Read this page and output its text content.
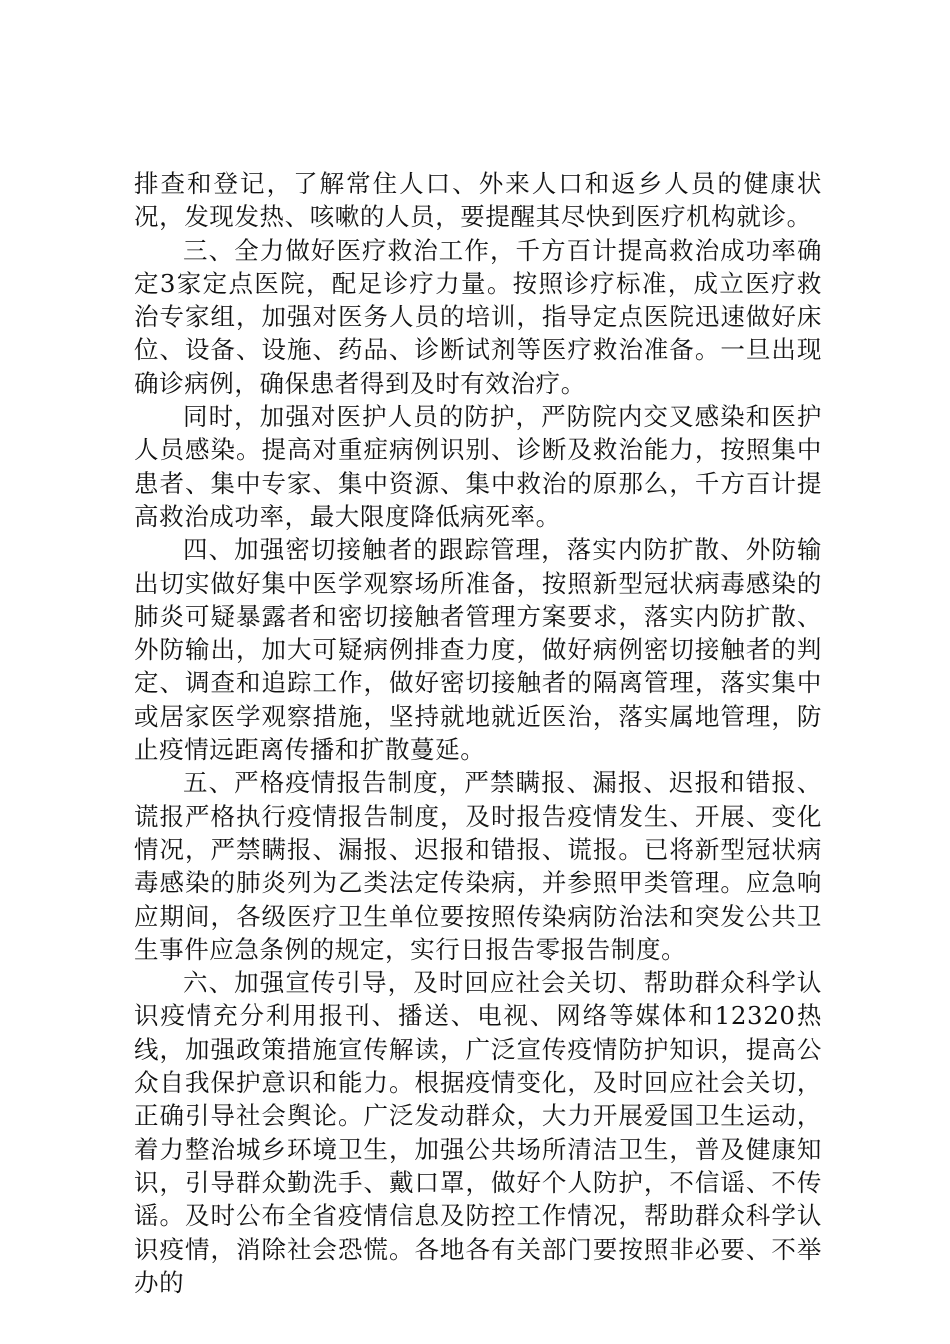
排查和登记，了解常住人口、外来人口和返乡人员的健康状况，发现发热、咳嗽的人员，要提醒其尽快到医疗机构就诊。

三、全力做好医疗救治工作，千方百计提高救治成功率确定3家定点医院，配足诊疗力量。按照诊疗标准，成立医疗救治专家组，加强对医务人员的培训，指导定点医院迅速做好床位、设备、设施、药品、诊断试剂等医疗救治准备。一旦出现确诊病例，确保患者得到及时有效治疗。

同时，加强对医护人员的防护，严防院内交叉感染和医护人员感染。提高对重症病例识别、诊断及救治能力，按照集中患者、集中专家、集中资源、集中救治的原那么，千方百计提高救治成功率，最大限度降低病死率。

四、加强密切接触者的跟踪管理，落实内防扩散、外防输出切实做好集中医学观察场所准备，按照新型冠状病毒感染的肺炎可疑暴露者和密切接触者管理方案要求，落实内防扩散、外防输出，加大可疑病例排查力度，做好病例密切接触者的判定、调查和追踪工作，做好密切接触者的隔离管理，落实集中或居家医学观察措施，坚持就地就近医治，落实属地管理，防止疫情远距离传播和扩散蔓延。

五、严格疫情报告制度，严禁瞒报、漏报、迟报和错报、谎报严格执行疫情报告制度，及时报告疫情发生、开展、变化情况，严禁瞒报、漏报、迟报和错报、谎报。已将新型冠状病毒感染的肺炎列为乙类法定传染病，并参照甲类管理。应急响应期间，各级医疗卫生单位要按照传染病防治法和突发公共卫生事件应急条例的规定，实行日报告零报告制度。

六、加强宣传引导，及时回应社会关切、帮助群众科学认识疫情充分利用报刊、播送、电视、网络等媒体和12320热线，加强政策措施宣传解读，广泛宣传疫情防护知识，提高公众自我保护意识和能力。根据疫情变化，及时回应社会关切，正确引导社会舆论。广泛发动群众，大力开展爱国卫生运动，着力整治城乡环境卫生，加强公共场所清洁卫生，普及健康知识，引导群众勤洗手、戴口罩，做好个人防护，不信谣、不传谣。及时公布全省疫情信息及防控工作情况，帮助群众科学认识疫情，消除社会恐慌。各地各有关部门要按照非必要、不举办的
